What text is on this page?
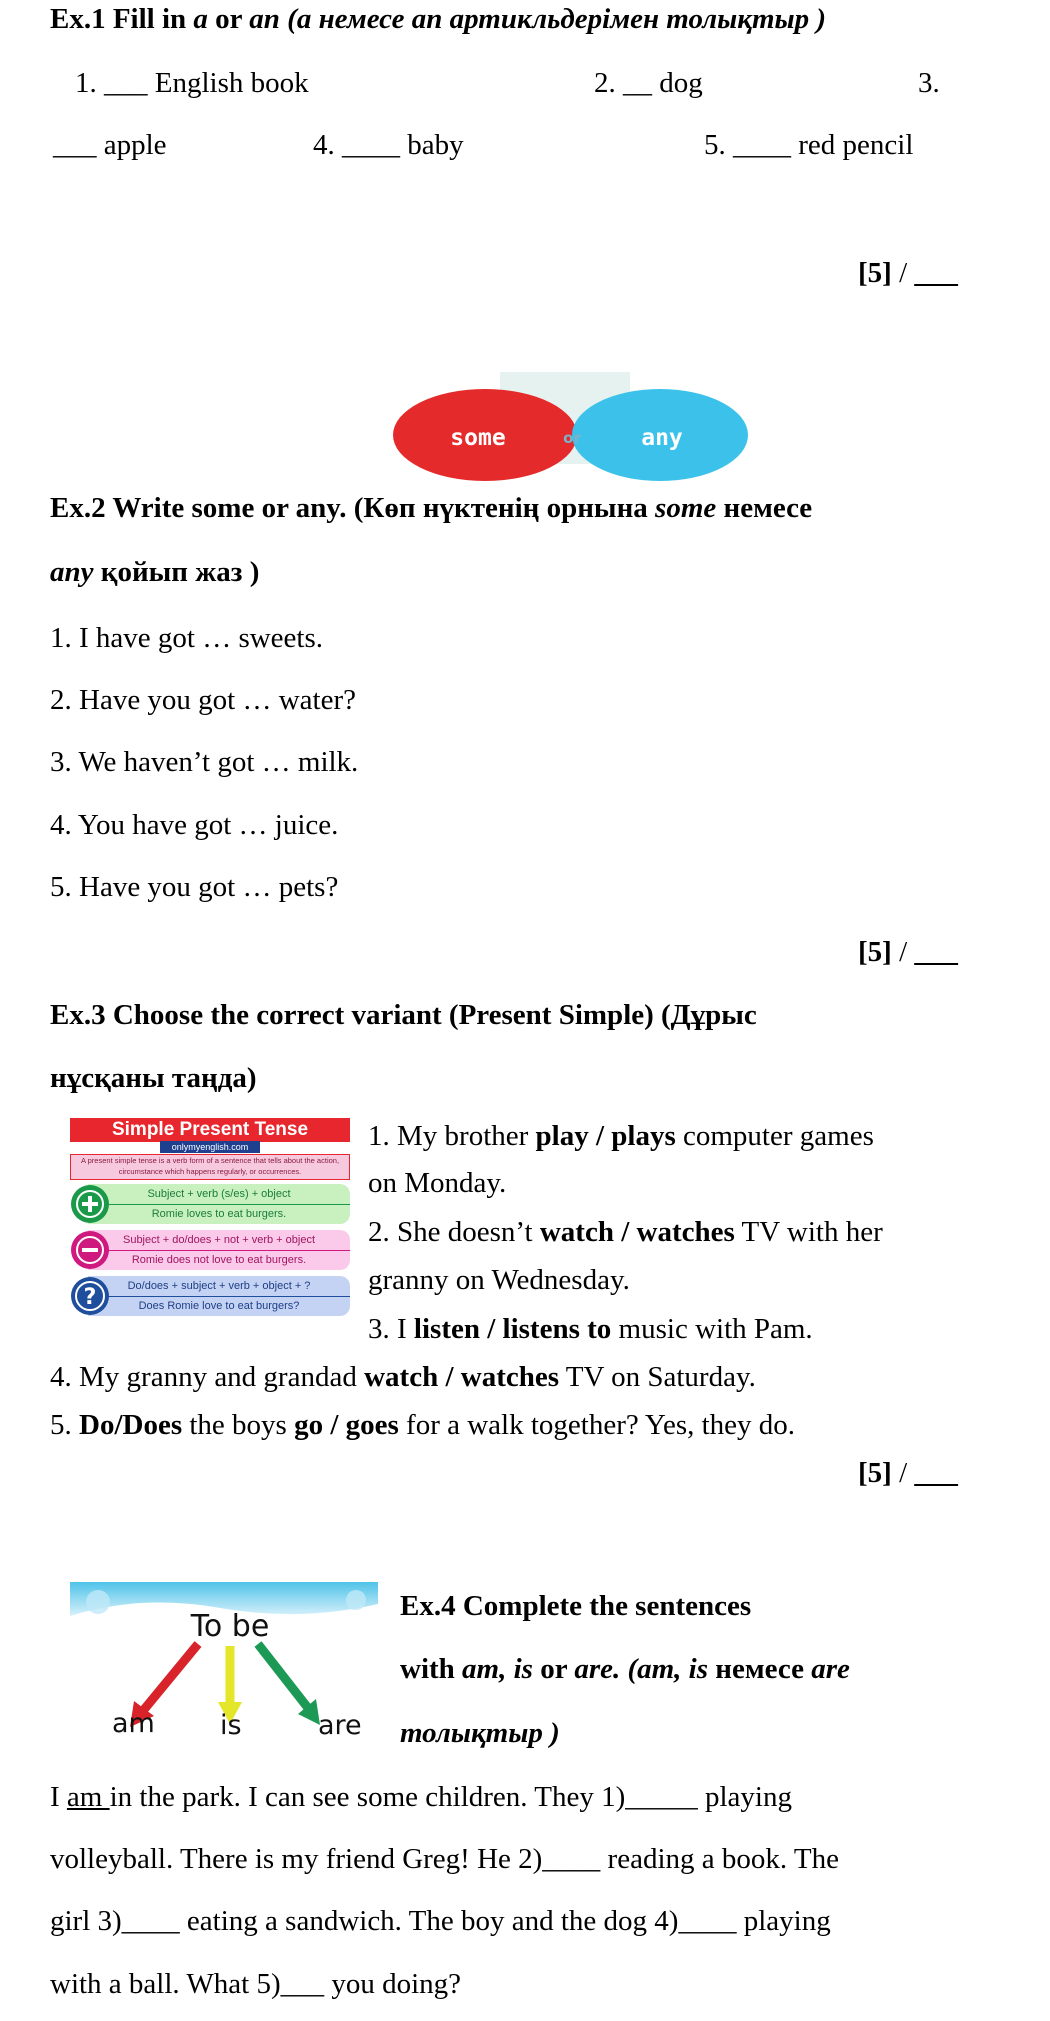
Ex.1 Fill in a or an (а немесе an артикльдерімен толықтыр )
1. ___ English book	2. __ dog	3.
___ apple	4. ____ baby	5. ____ red pencil
[5] / ___
some	or	any
Ex.2 Write some or any. (Көп нүктенің орнына some немесе
any қойып жаз )
1. I have got … sweets.
2. Have you got … water?
3. We haven’t got … milk.
4. You have got … juice.
5. Have you got … pets?
[5] / ___
Ex.3 Choose the correct variant (Present Simple) (Дұрыс
нұсқаны таңда)
Simple Present Tense
onlymyenglish.com
A present simple tense is a verb form of a sentence that tells about the action, circumstance which happens regularly, or occurrences.
Subject + verb (s/es) + object
Romie loves to eat burgers.
Subject + do/does + not + verb + object
Romie does not love to eat burgers.
Do/does + subject + verb + object + ?
Does Romie love to eat burgers?
?
1. My brother play / plays computer games
on Monday.
2. She doesn’t watch / watches TV with her
granny on Wednesday.
3. I listen / listens to music with Pam.
4. My granny and grandad watch / watches TV on Saturday.
5. Do/Does the boys go / goes for a walk together? Yes, they do.
[5] / ___
To be
am is	are
Ex.4 Complete the sentences
with am, is or are. (am, is немесе are
толықтыр )
I am in the park. I can see some children. They 1)_____ playing
volleyball. There is my friend Greg! He 2)____ reading a book. The
girl 3)____ eating a sandwich. The boy and the dog 4)____ playing
with a ball. What 5)___ you doing?
